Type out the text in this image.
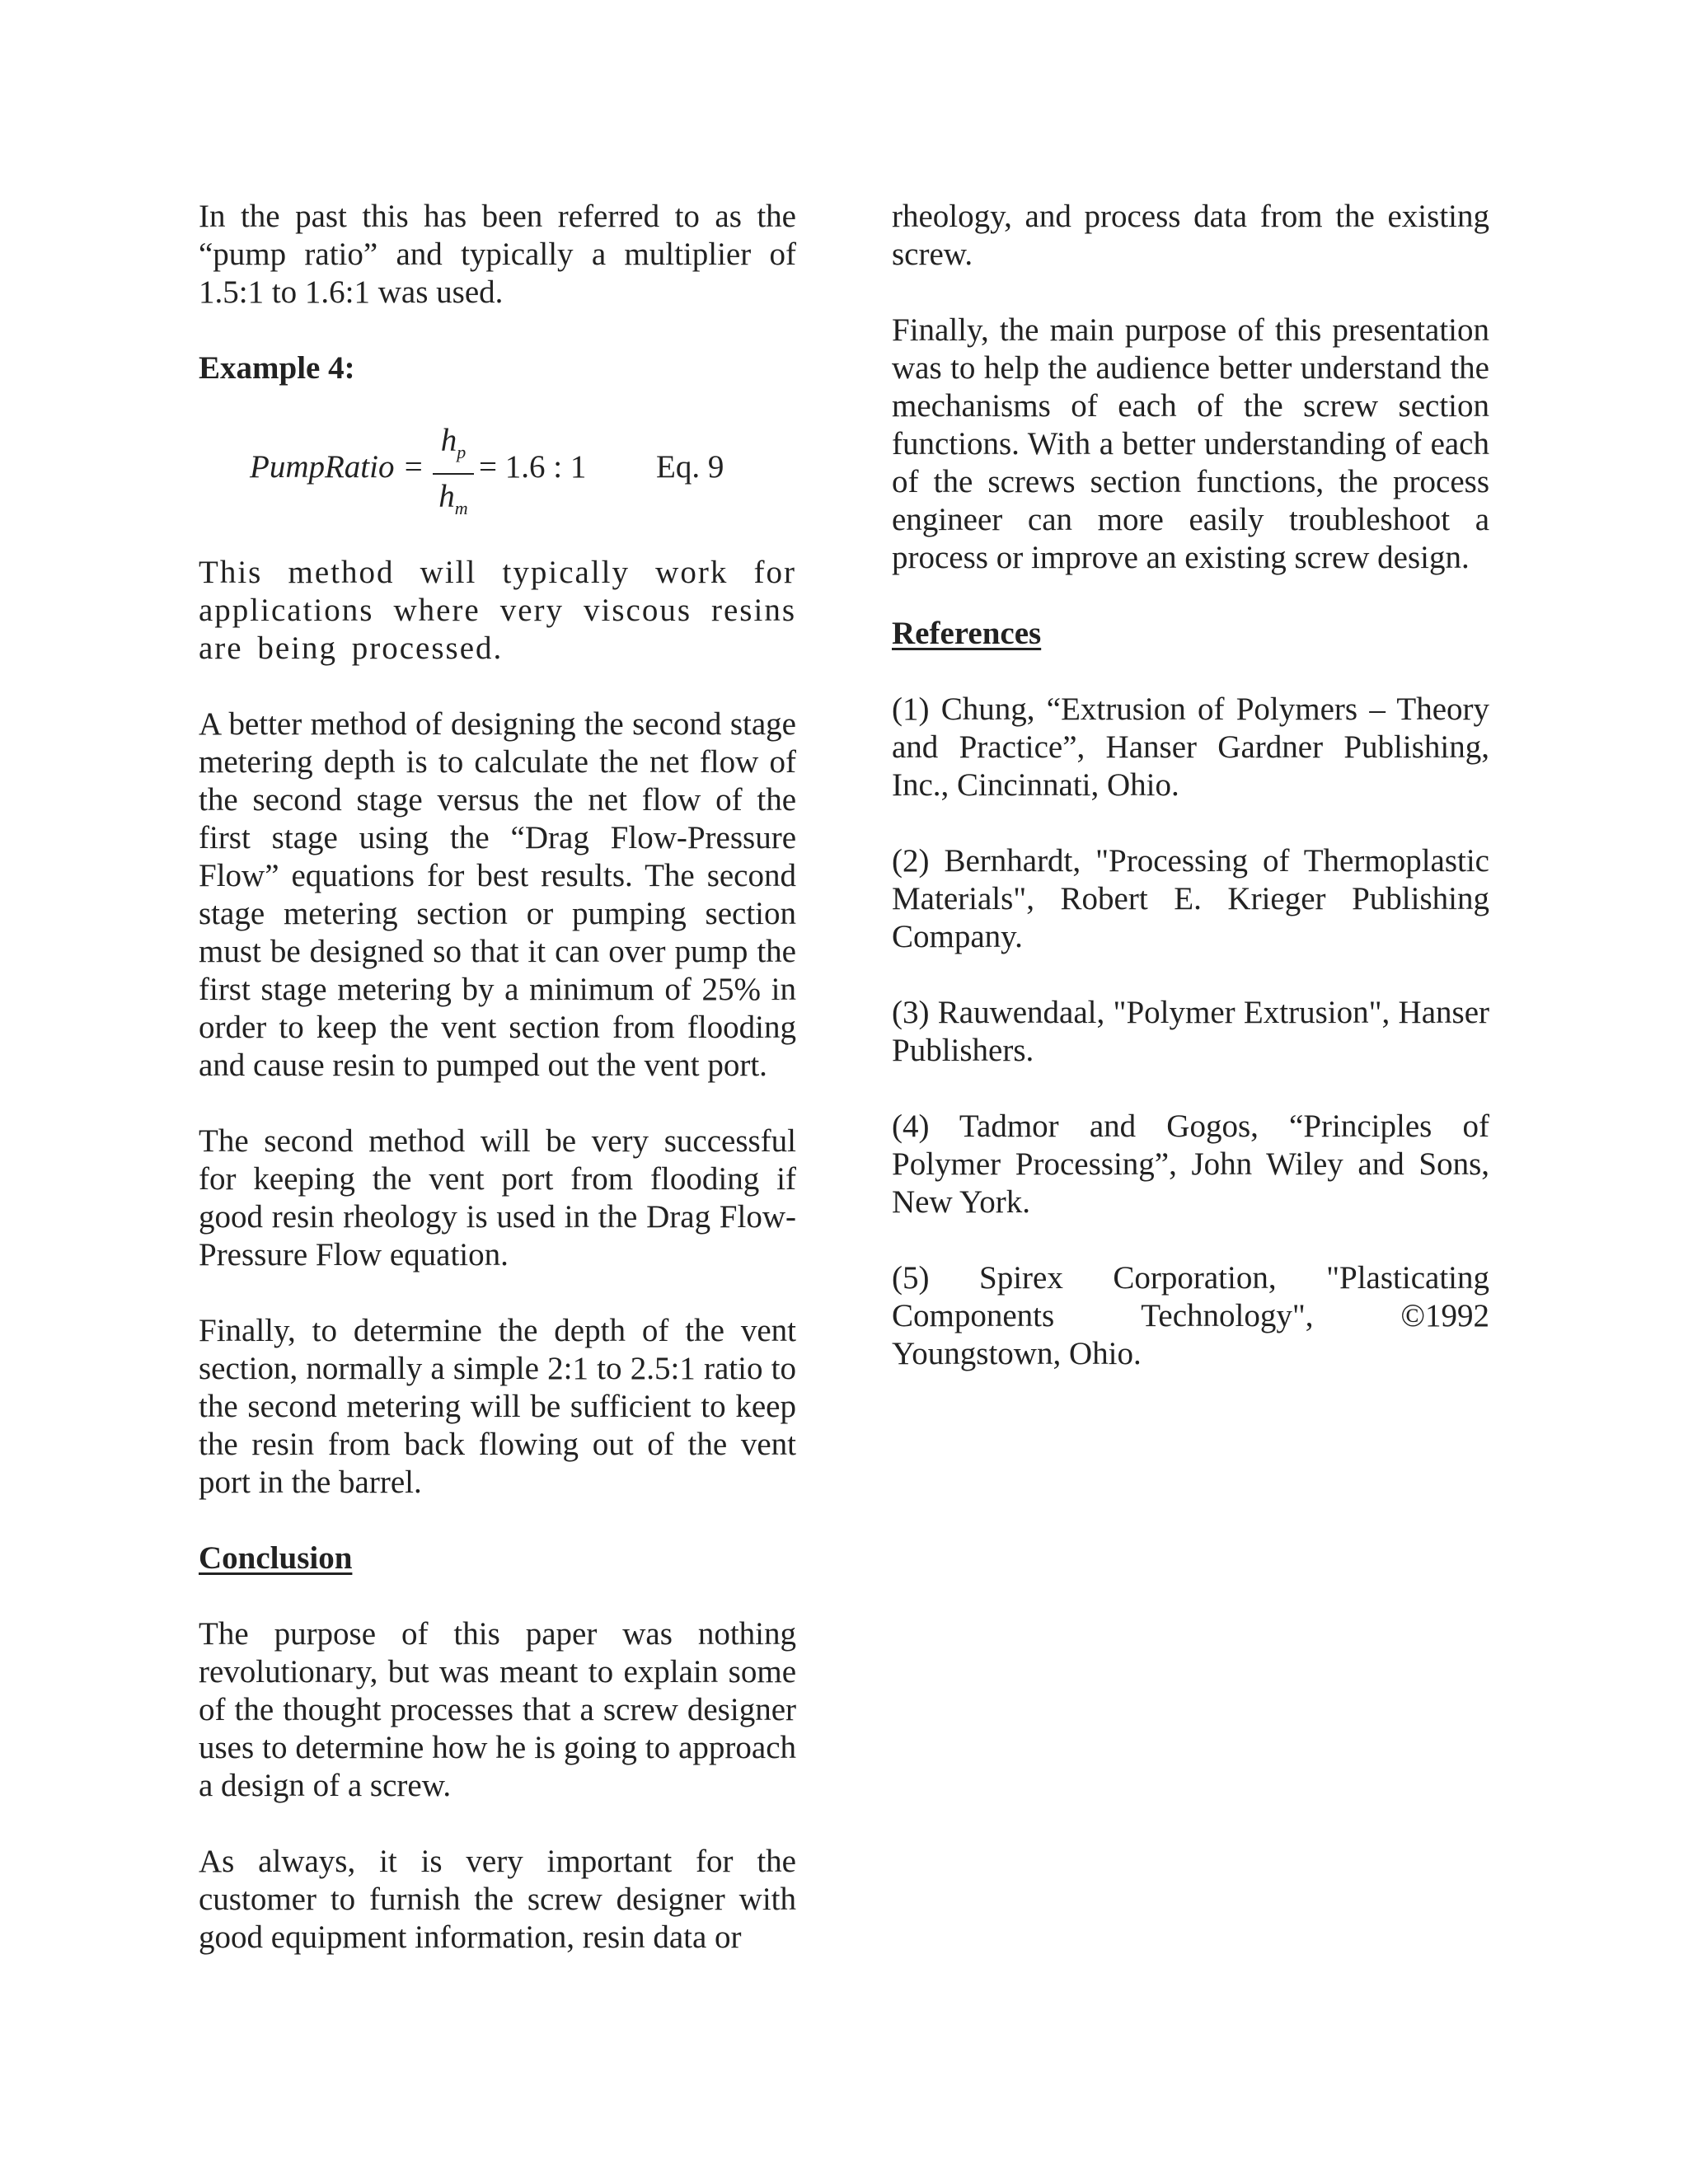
In the past this has been referred to as the “pump ratio” and typically a multiplier of 1.5:1 to 1.6:1 was used.

Example 4:
PumpRatio =
$h_p$
$h_m$
= 1.6 : 1 Eq. 9

This method will typically work for applications where very viscous resins are being processed.

A better method of designing the second stage metering depth is to calculate the net flow of the second stage versus the net flow of the first stage using the “Drag Flow-Pressure Flow” equations for best results. The second stage metering section or pumping section must be designed so that it can over pump the first stage metering by a minimum of 25% in order to keep the vent section from flooding and cause resin to pumped out the vent port.

The second method will be very successful for keeping the vent port from flooding if good resin rheology is used in the Drag Flow-Pressure Flow equation.

Finally, to determine the depth of the vent section, normally a simple 2:1 to 2.5:1 ratio to the second metering will be sufficient to keep the resin from back flowing out of the vent port in the barrel.

Conclusion

The purpose of this paper was nothing revolutionary, but was meant to explain some of the thought processes that a screw designer uses to determine how he is going to approach a design of a screw.

As always, it is very important for the customer to furnish the screw designer with good equipment information, resin data or

rheology, and process data from the existing screw.

Finally, the main purpose of this presentation was to help the audience better understand the mechanisms of each of the screw section functions. With a better understanding of each of the screws section functions, the process engineer can more easily troubleshoot a process or improve an existing screw design.

References

(1) Chung, “Extrusion of Polymers – Theory and Practice”, Hanser Gardner Publishing, Inc., Cincinnati, Ohio.

(2) Bernhardt, "Processing of Thermoplastic Materials", Robert E. Krieger Publishing Company.

(3) Rauwendaal, "Polymer Extrusion", Hanser Publishers.

(4) Tadmor and Gogos, “Principles of Polymer Processing”, John Wiley and Sons, New York.

(5) Spirex Corporation, "Plasticating Components Technology", ©1992 Youngstown, Ohio.
